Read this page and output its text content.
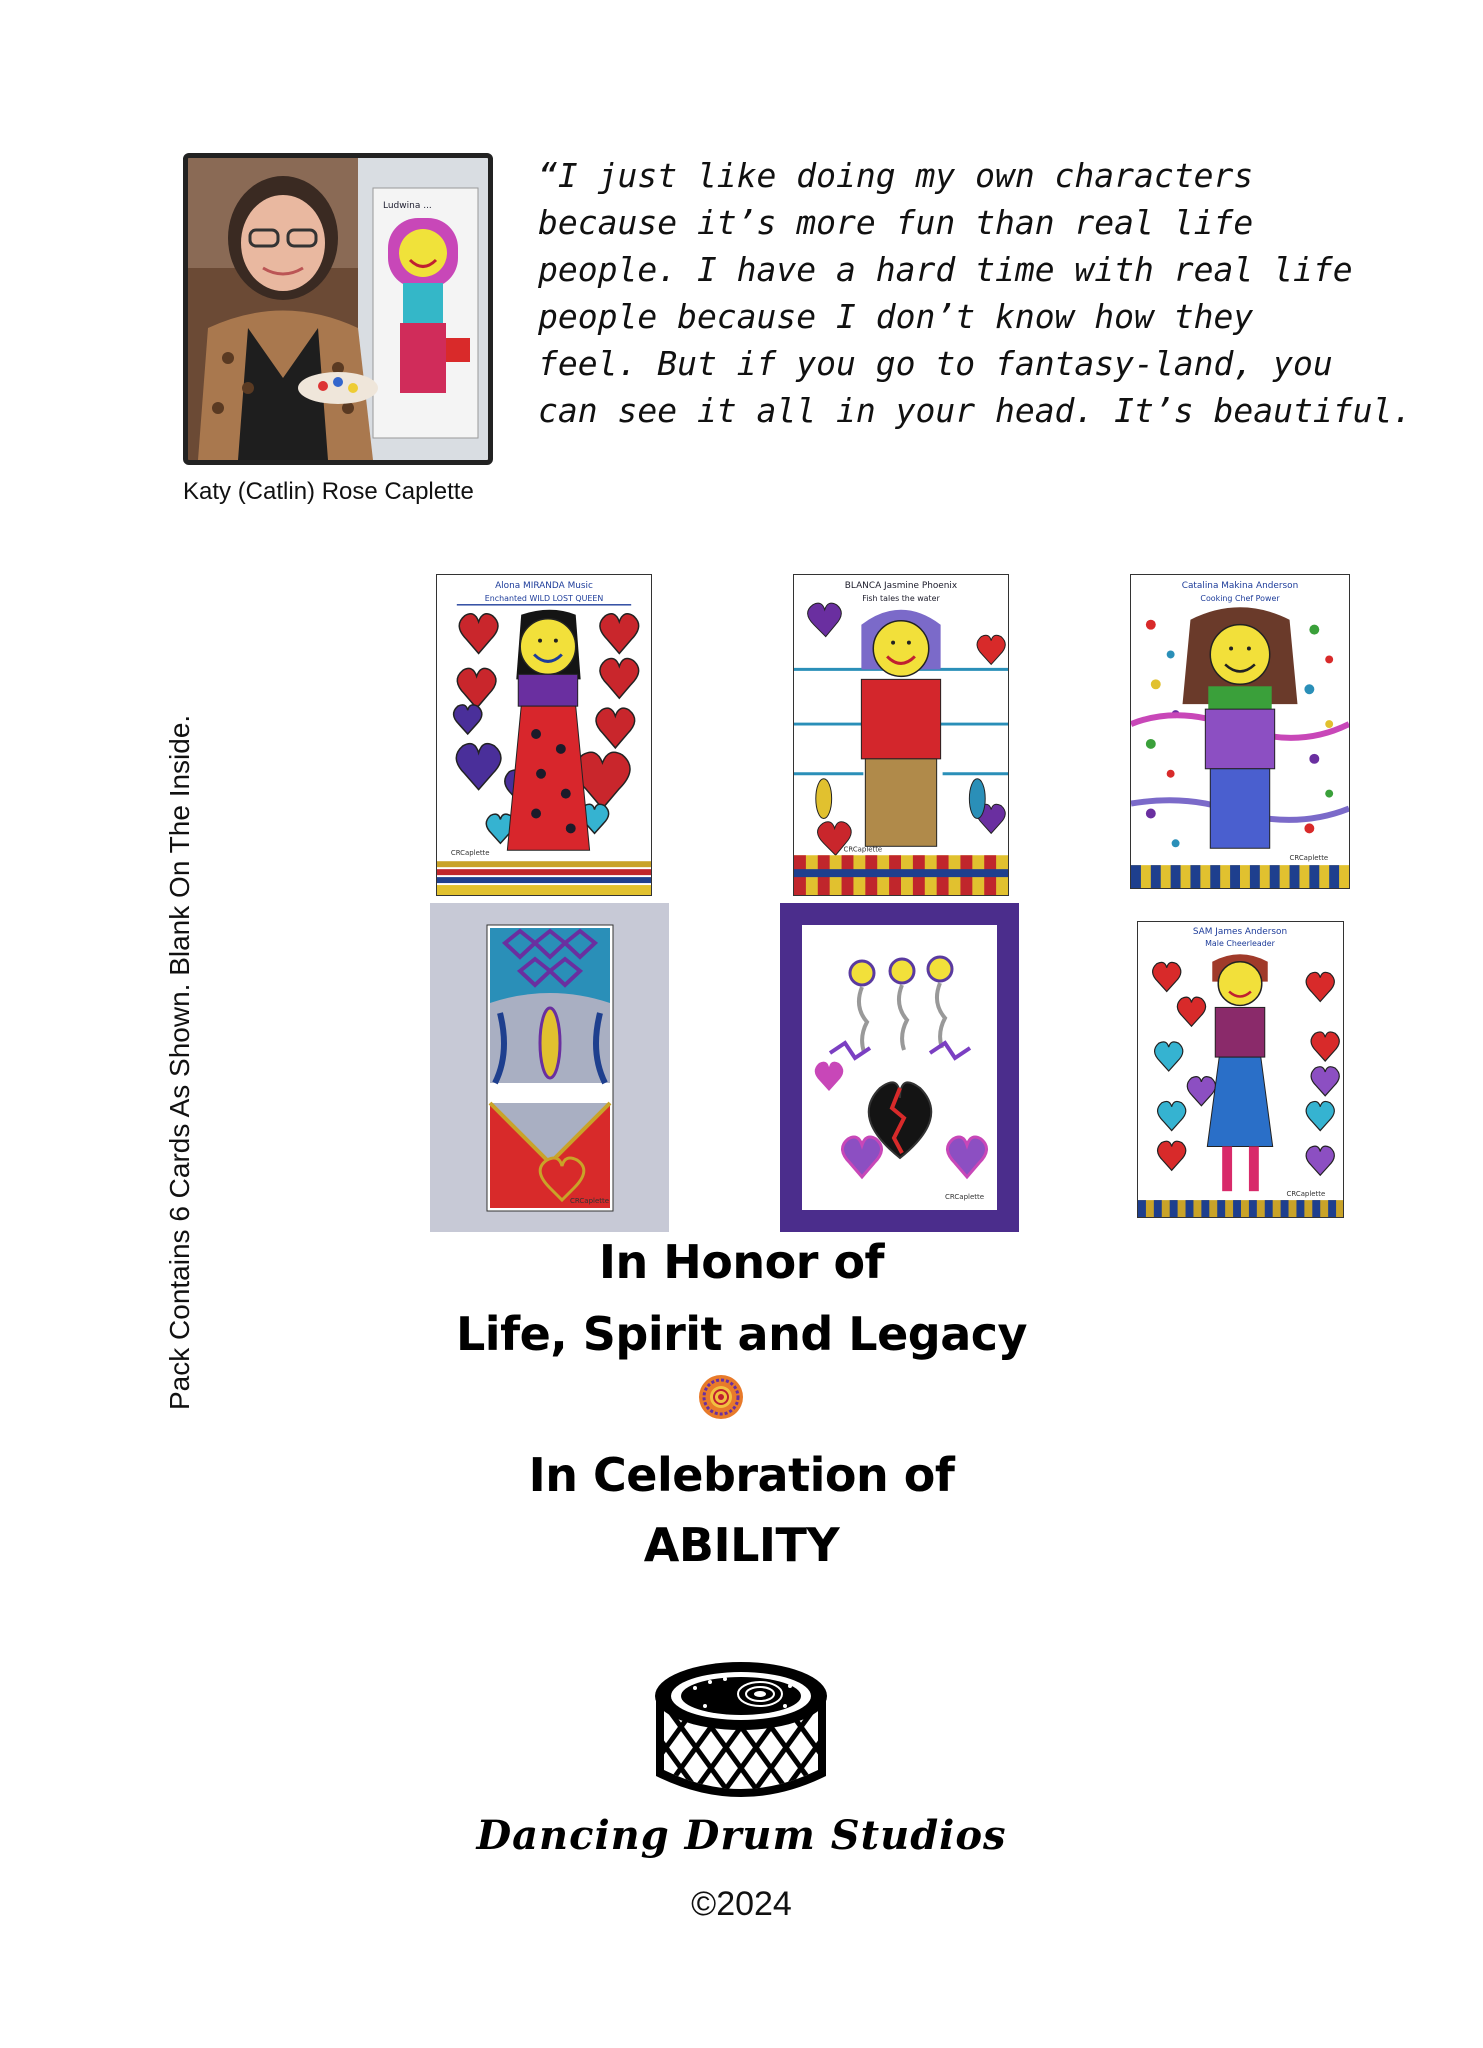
Ludwina ...
Katy (Catlin) Rose Caplette
“I just like doing my own characters
because it’s more fun than real life
people. I have a hard time with real life
people because I don’t know how they
feel. But if you go to fantasy-land, you
can see it all in your head. It’s beautiful.
Pack Contains 6 Cards As Shown. Blank On The Inside.
Alona MIRANDA Music
Enchanted WILD LOST QUEEN
CRCaplette
BLANCA Jasmine Phoenix
Fish tales the water
CRCaplette
Catalina Makina Anderson
Cooking Chef Power
CRCaplette
CRCaplette	CRCaplette
SAM James Anderson
Male Cheerleader
CRCaplette
In Honor of
Life, Spirit and Legacy
In Celebration of
ABILITY
Dancing Drum Studios
©2024
